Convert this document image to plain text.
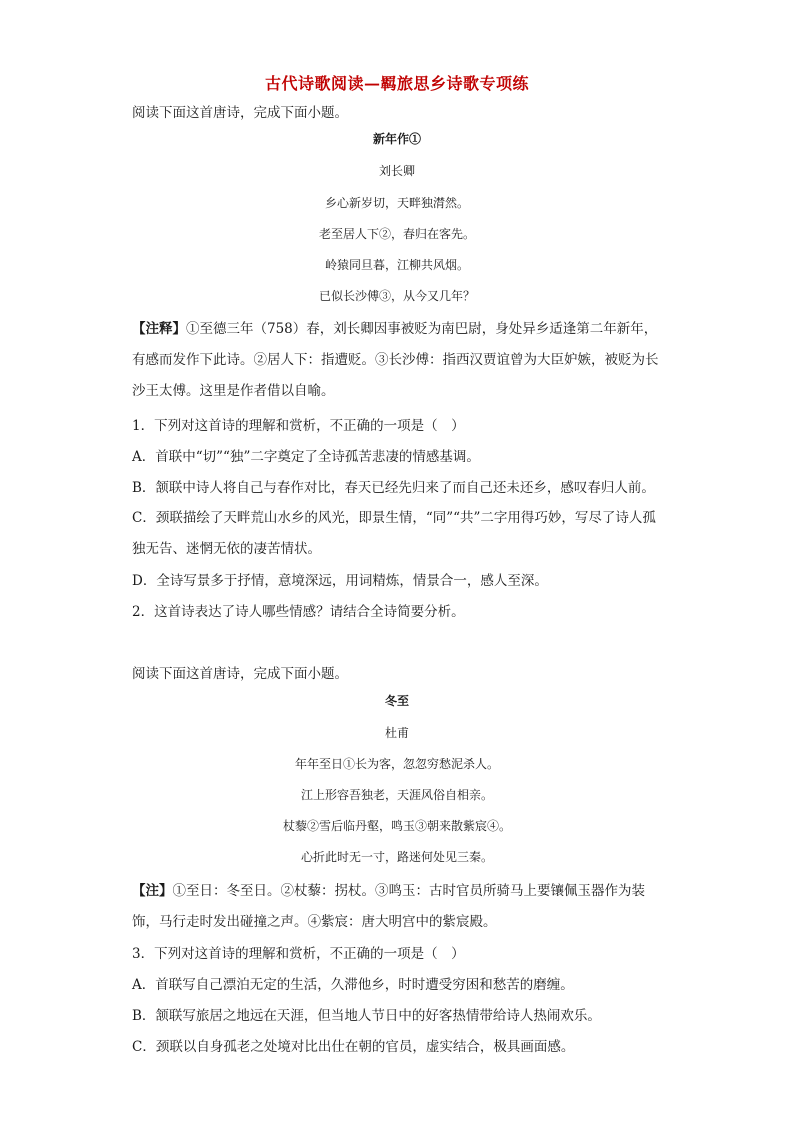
古代诗歌阅读—羁旅思乡诗歌专项练
阅读下面这首唐诗，完成下面小题。
新年作①
刘长卿
乡心新岁切，天畔独潸然。
老至居人下②，春归在客先。
岭猿同旦暮，江柳共风烟。
已似长沙傅③，从今又几年？
【注释】①至德三年（758）春，刘长卿因事被贬为南巴尉，身处异乡适逢第二年新年，有感而发作下此诗。②居人下：指遭贬。③长沙傅：指西汉贾谊曾为大臣妒嫉，被贬为长沙王太傅。这里是作者借以自喻。
1．下列对这首诗的理解和赏析，不正确的一项是（　）
A．首联中“切”“独”二字奠定了全诗孤苦悲凄的情感基调。
B．颔联中诗人将自己与春作对比，春天已经先归来了而自己还未还乡，感叹春归人前。
C．颈联描绘了天畔荒山水乡的风光，即景生情，“同”“共”二字用得巧妙，写尽了诗人孤独无告、迷惘无依的凄苦情状。
D．全诗写景多于抒情，意境深远，用词精炼，情景合一，感人至深。
2．这首诗表达了诗人哪些情感？请结合全诗简要分析。
阅读下面这首唐诗，完成下面小题。
冬至
杜甫
年年至日①长为客，忽忽穷愁泥杀人。
江上形容吾独老，天涯风俗自相亲。
杖藜②雪后临丹壑，鸣玉③朝来散紫宸④。
心折此时无一寸，路迷何处见三秦。
【注】①至日：冬至日。②杖藜：拐杖。③鸣玉：古时官员所骑马上要镶佩玉器作为装饰，马行走时发出碰撞之声。④紫宸：唐大明宫中的紫宸殿。
3．下列对这首诗的理解和赏析，不正确的一项是（　）
A．首联写自己漂泊无定的生活，久滞他乡，时时遭受穷困和愁苦的磨缠。
B．颔联写旅居之地远在天涯，但当地人节日中的好客热情带给诗人热闹欢乐。
C．颈联以自身孤老之处境对比出仕在朝的官员，虚实结合，极具画面感。
